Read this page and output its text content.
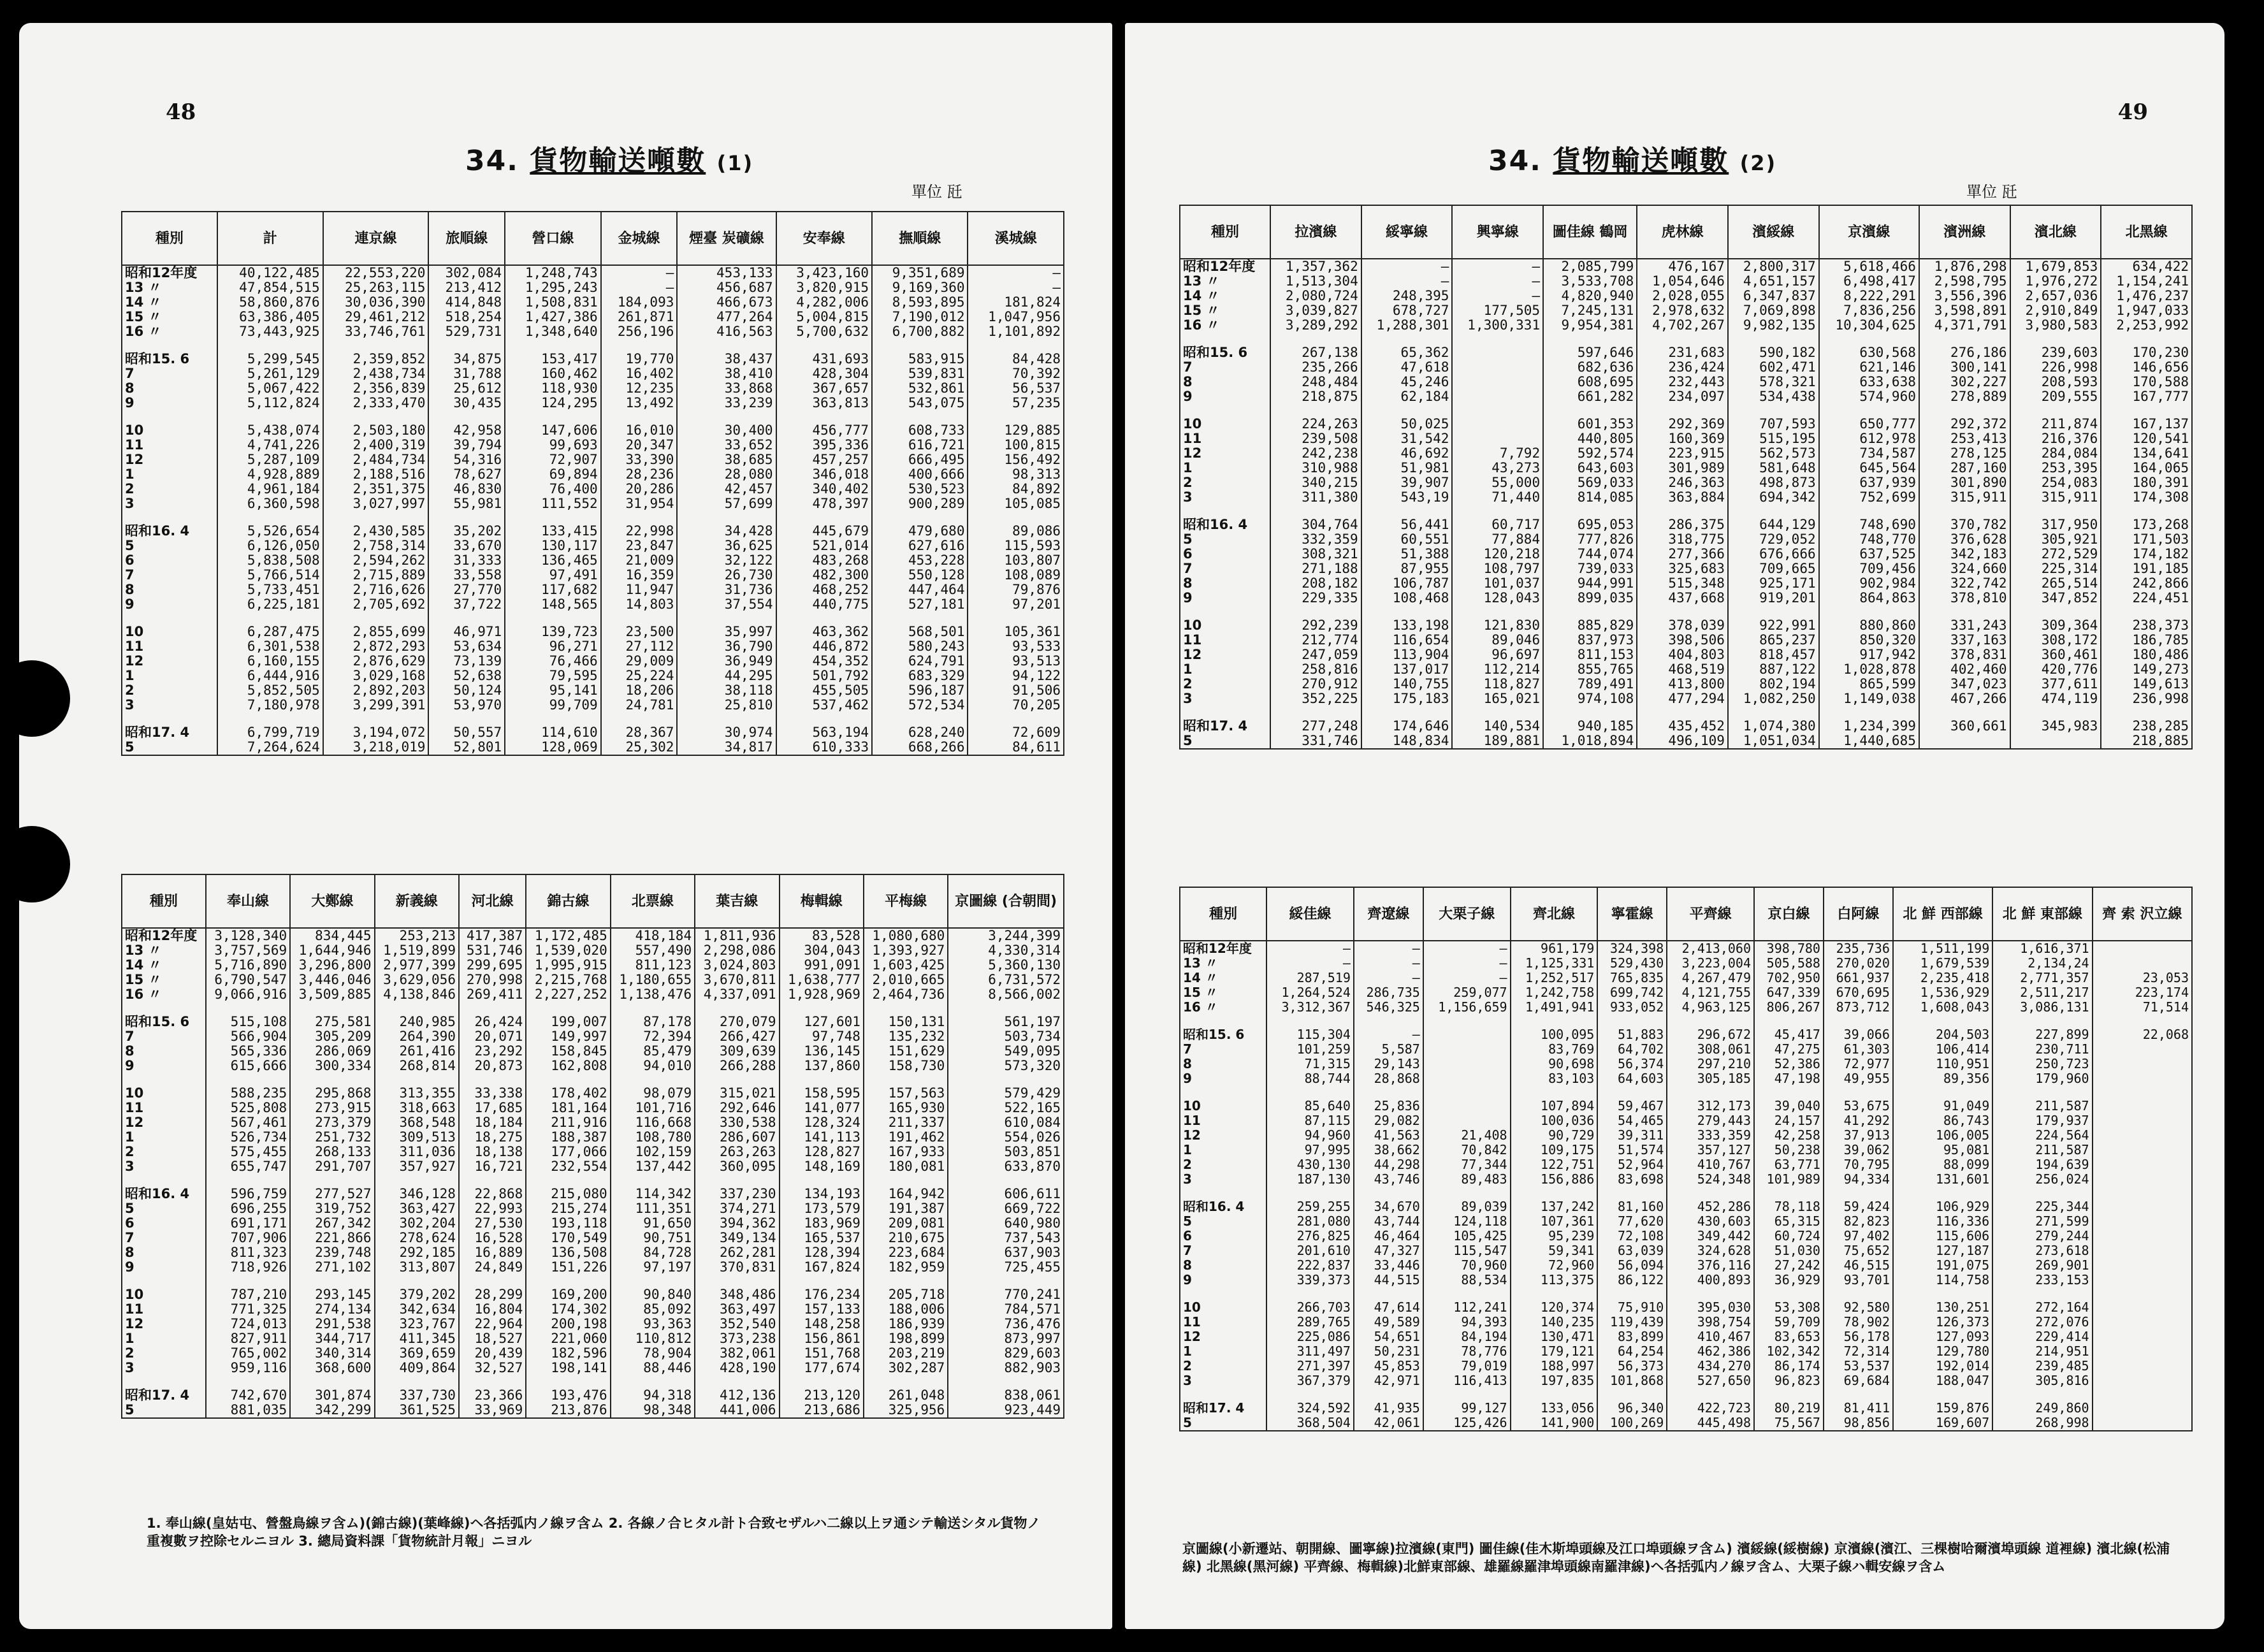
48
34. 貨物輸送噸數 (1)
單位 瓩
種別	計	連京線	旅順線	營口線	金城線	煙臺 炭礦線	安奉線	撫順線	溪城線
昭和12年度	40,122,485	22,553,220	302,084	1,248,743	—	453,133	3,423,160	9,351,689	—
13 〃	47,854,515	25,263,115	213,412	1,295,243	—	456,687	3,820,915	9,169,360	—
14 〃	58,860,876	30,036,390	414,848	1,508,831	184,093	466,673	4,282,006	8,593,895	181,824
15 〃	63,386,405	29,461,212	518,254	1,427,386	261,871	477,264	5,004,815	7,190,012	1,047,956
16 〃	73,443,925	33,746,761	529,731	1,348,640	256,196	416,563	5,700,632	6,700,882	1,101,892

昭和15. 6	5,299,545	2,359,852	34,875	153,417	19,770	38,437	431,693	583,915	84,428
7	5,261,129	2,438,734	31,788	160,462	16,402	38,410	428,304	539,831	70,392
8	5,067,422	2,356,839	25,612	118,930	12,235	33,868	367,657	532,861	56,537
9	5,112,824	2,333,470	30,435	124,295	13,492	33,239	363,813	543,075	57,235

10	5,438,074	2,503,180	42,958	147,606	16,010	30,400	456,777	608,733	129,885
11	4,741,226	2,400,319	39,794	99,693	20,347	33,652	395,336	616,721	100,815
12	5,287,109	2,484,734	54,316	72,907	33,390	38,685	457,257	666,495	156,492
1	4,928,889	2,188,516	78,627	69,894	28,236	28,080	346,018	400,666	98,313
2	4,961,184	2,351,375	46,830	76,400	20,286	42,457	340,402	530,523	84,892
3	6,360,598	3,027,997	55,981	111,552	31,954	57,699	478,397	900,289	105,085

昭和16. 4	5,526,654	2,430,585	35,202	133,415	22,998	34,428	445,679	479,680	89,086
5	6,126,050	2,758,314	33,670	130,117	23,847	36,625	521,014	627,616	115,593
6	5,838,508	2,594,262	31,333	136,465	21,009	32,122	483,268	453,228	103,807
7	5,766,514	2,715,889	33,558	97,491	16,359	26,730	482,300	550,128	108,089
8	5,733,451	2,716,626	27,770	117,682	11,947	31,736	468,252	447,464	79,876
9	6,225,181	2,705,692	37,722	148,565	14,803	37,554	440,775	527,181	97,201

10	6,287,475	2,855,699	46,971	139,723	23,500	35,997	463,362	568,501	105,361
11	6,301,538	2,872,293	53,634	96,271	27,112	36,790	446,872	580,243	93,533
12	6,160,155	2,876,629	73,139	76,466	29,009	36,949	454,352	624,791	93,513
1	6,444,916	3,029,168	52,638	79,595	25,224	44,295	501,792	683,329	94,122
2	5,852,505	2,892,203	50,124	95,141	18,206	38,118	455,505	596,187	91,506
3	7,180,978	3,299,391	53,970	99,709	24,781	25,810	537,462	572,534	70,205

昭和17. 4	6,799,719	3,194,072	50,557	114,610	28,367	30,974	563,194	628,240	72,609
5	7,264,624	3,218,019	52,801	128,069	25,302	34,817	610,333	668,266	84,611
種別	奉山線	大鄭線	新義線	河北線	錦古線	北票線	葉吉線	梅輯線	平梅線	京圖線 (合朝間)
昭和12年度	3,128,340	834,445	253,213	417,387	1,172,485	418,184	1,811,936	83,528	1,080,680	3,244,399
13 〃	3,757,569	1,644,946	1,519,899	531,746	1,539,020	557,490	2,298,086	304,043	1,393,927	4,330,314
14 〃	5,716,890	3,296,800	2,977,399	299,695	1,995,915	811,123	3,024,803	991,091	1,603,425	5,360,130
15 〃	6,790,547	3,446,046	3,629,056	270,998	2,215,768	1,180,655	3,670,811	1,638,777	2,010,665	6,731,572
16 〃	9,066,916	3,509,885	4,138,846	269,411	2,227,252	1,138,476	4,337,091	1,928,969	2,464,736	8,566,002

昭和15. 6	515,108	275,581	240,985	26,424	199,007	87,178	270,079	127,601	150,131	561,197
7	566,904	305,209	264,390	20,071	149,997	72,394	266,427	97,748	135,232	503,734
8	565,336	286,069	261,416	23,292	158,845	85,479	309,639	136,145	151,629	549,095
9	615,666	300,334	268,814	20,873	162,808	94,010	266,288	137,860	158,730	573,320

10	588,235	295,868	313,355	33,338	178,402	98,079	315,021	158,595	157,563	579,429
11	525,808	273,915	318,663	17,685	181,164	101,716	292,646	141,077	165,930	522,165
12	567,461	273,379	368,548	18,184	211,916	116,668	330,538	128,324	211,337	610,084
1	526,734	251,732	309,513	18,275	188,387	108,780	286,607	141,113	191,462	554,026
2	575,455	268,133	311,036	18,138	177,066	102,159	263,263	128,827	167,933	503,851
3	655,747	291,707	357,927	16,721	232,554	137,442	360,095	148,169	180,081	633,870

昭和16. 4	596,759	277,527	346,128	22,868	215,080	114,342	337,230	134,193	164,942	606,611
5	696,255	319,752	363,427	22,993	215,274	111,351	374,271	173,579	191,387	669,722
6	691,171	267,342	302,204	27,530	193,118	91,650	394,362	183,969	209,081	640,980
7	707,906	221,866	278,624	16,528	170,549	90,751	349,134	165,537	210,675	737,543
8	811,323	239,748	292,185	16,889	136,508	84,728	262,281	128,394	223,684	637,903
9	718,926	271,102	313,807	24,849	151,226	97,197	370,831	167,824	182,959	725,455

10	787,210	293,145	379,202	28,299	169,200	90,840	348,486	176,234	205,718	770,241
11	771,325	274,134	342,634	16,804	174,302	85,092	363,497	157,133	188,006	784,571
12	724,013	291,538	323,767	22,964	200,198	93,363	352,540	148,258	186,939	736,476
1	827,911	344,717	411,345	18,527	221,060	110,812	373,238	156,861	198,899	873,997
2	765,002	340,314	369,659	20,439	182,596	78,904	382,061	151,768	203,219	829,603
3	959,116	368,600	409,864	32,527	198,141	88,446	428,190	177,674	302,287	882,903

昭和17. 4	742,670	301,874	337,730	23,366	193,476	94,318	412,136	213,120	261,048	838,061
5	881,035	342,299	361,525	33,969	213,876	98,348	441,006	213,686	325,956	923,449
1. 奉山線(皇姑屯、營盤鳥線ヲ含ム)(錦古線)(葉峰線)ヘ各括弧内ノ線ヲ含ム 2. 各線ノ合ヒタル計ト合致セザルハ二線以上ヲ通シテ輸送シタル貨物ノ重複數ヲ控除セルニヨル 3. 總局資料課「貨物統計月報」ニヨル
49
34. 貨物輸送噸數 (2)
單位 瓩
種別	拉濱線	綏寧線	興寧線	圖佳線 鶴岡	虎林線	濱綏線	京濱線	濱洲線	濱北線	北黑線
昭和12年度	1,357,362	—	—	2,085,799	476,167	2,800,317	5,618,466	1,876,298	1,679,853	634,422
13 〃	1,513,304	—	—	3,533,708	1,054,646	4,651,157	6,498,417	2,598,795	1,976,272	1,154,241
14 〃	2,080,724	248,395	—	4,820,940	2,028,055	6,347,837	8,222,291	3,556,396	2,657,036	1,476,237
15 〃	3,039,827	678,727	177,505	7,245,131	2,978,632	7,069,898	7,836,256	3,598,891	2,910,849	1,947,033
16 〃	3,289,292	1,288,301	1,300,331	9,954,381	4,702,267	9,982,135	10,304,625	4,371,791	3,980,583	2,253,992

昭和15. 6	267,138	65,362		597,646	231,683	590,182	630,568	276,186	239,603	170,230
7	235,266	47,618		682,636	236,424	602,471	621,146	300,141	226,998	146,656
8	248,484	45,246		608,695	232,443	578,321	633,638	302,227	208,593	170,588
9	218,875	62,184		661,282	234,097	534,438	574,960	278,889	209,555	167,777

10	224,263	50,025		601,353	292,369	707,593	650,777	292,372	211,874	167,137
11	239,508	31,542		440,805	160,369	515,195	612,978	253,413	216,376	120,541
12	242,238	46,692	7,792	592,574	223,915	562,573	734,587	278,125	284,084	134,641
1	310,988	51,981	43,273	643,603	301,989	581,648	645,564	287,160	253,395	164,065
2	340,215	39,907	55,000	569,033	246,363	498,873	637,939	301,890	254,083	180,391
3	311,380	543,19	71,440	814,085	363,884	694,342	752,699	315,911	315,911	174,308

昭和16. 4	304,764	56,441	60,717	695,053	286,375	644,129	748,690	370,782	317,950	173,268
5	332,359	60,551	77,884	777,826	318,775	729,052	748,770	376,628	305,921	171,503
6	308,321	51,388	120,218	744,074	277,366	676,666	637,525	342,183	272,529	174,182
7	271,188	87,955	108,797	739,033	325,683	709,665	709,456	324,660	225,314	191,185
8	208,182	106,787	101,037	944,991	515,348	925,171	902,984	322,742	265,514	242,866
9	229,335	108,468	128,043	899,035	437,668	919,201	864,863	378,810	347,852	224,451

10	292,239	133,198	121,830	885,829	378,039	922,991	880,860	331,243	309,364	238,373
11	212,774	116,654	89,046	837,973	398,506	865,237	850,320	337,163	308,172	186,785
12	247,059	113,904	96,697	811,153	404,803	818,457	917,942	378,831	360,461	180,486
1	258,816	137,017	112,214	855,765	468,519	887,122	1,028,878	402,460	420,776	149,273
2	270,912	140,755	118,827	789,491	413,800	802,194	865,599	347,023	377,611	149,613
3	352,225	175,183	165,021	974,108	477,294	1,082,250	1,149,038	467,266	474,119	236,998

昭和17. 4	277,248	174,646	140,534	940,185	435,452	1,074,380	1,234,399	360,661	345,983	238,285
5	331,746	148,834	189,881	1,018,894	496,109	1,051,034	1,440,685			218,885
種別	綏佳線	齊遼線	大栗子線	齊北線	寧霍線	平齊線	京白線	白阿線	北 鮮 西部線	北 鮮 東部線	齊 索 沢立線
昭和12年度	—	—	—	961,179	324,398	2,413,060	398,780	235,736	1,511,199	1,616,371	
13 〃	—	—	—	1,125,331	529,430	3,223,004	505,588	270,020	1,679,539	2,134,24	
14 〃	287,519	—	—	1,252,517	765,835	4,267,479	702,950	661,937	2,235,418	2,771,357	23,053
15 〃	1,264,524	286,735	259,077	1,242,758	699,742	4,121,755	647,339	670,695	1,536,929	2,511,217	223,174
16 〃	3,312,367	546,325	1,156,659	1,491,941	933,052	4,963,125	806,267	873,712	1,608,043	3,086,131	71,514

昭和15. 6	115,304	—		100,095	51,883	296,672	45,417	39,066	204,503	227,899	22,068
7	101,259	5,587		83,769	64,702	308,061	47,275	61,303	106,414	230,711	
8	71,315	29,143		90,698	56,374	297,210	52,386	72,977	110,951	250,723	
9	88,744	28,868		83,103	64,603	305,185	47,198	49,955	89,356	179,960	

10	85,640	25,836		107,894	59,467	312,173	39,040	53,675	91,049	211,587	
11	87,115	29,082		100,036	54,465	279,443	24,157	41,292	86,743	179,937	
12	94,960	41,563	21,408	90,729	39,311	333,359	42,258	37,913	106,005	224,564	
1	97,995	38,662	70,842	109,175	51,574	357,127	50,238	39,062	95,081	211,587	
2	430,130	44,298	77,344	122,751	52,964	410,767	63,771	70,795	88,099	194,639	
3	187,130	43,746	89,483	156,886	83,698	524,348	101,989	94,334	131,601	256,024	

昭和16. 4	259,255	34,670	89,039	137,242	81,160	452,286	78,118	59,424	106,929	225,344	
5	281,080	43,744	124,118	107,361	77,620	430,603	65,315	82,823	116,336	271,599	
6	276,825	46,464	105,425	95,239	72,108	349,442	60,724	97,402	115,606	279,244	
7	201,610	47,327	115,547	59,341	63,039	324,628	51,030	75,652	127,187	273,618	
8	222,837	33,446	70,960	72,960	56,094	376,116	27,242	46,515	191,075	269,901	
9	339,373	44,515	88,534	113,375	86,122	400,893	36,929	93,701	114,758	233,153	

10	266,703	47,614	112,241	120,374	75,910	395,030	53,308	92,580	130,251	272,164	
11	289,765	49,589	94,393	140,235	119,439	398,754	59,709	78,902	126,373	272,076	
12	225,086	54,651	84,194	130,471	83,899	410,467	83,653	56,178	127,093	229,414	
1	311,497	50,231	78,776	179,121	64,254	462,386	102,342	72,314	129,780	214,951	
2	271,397	45,853	79,019	188,997	56,373	434,270	86,174	53,537	192,014	239,485	
3	367,379	42,971	116,413	197,835	101,868	527,650	96,823	69,684	188,047	305,816	

昭和17. 4	324,592	41,935	99,127	133,056	96,340	422,723	80,219	81,411	159,876	249,860	
5	368,504	42,061	125,426	141,900	100,269	445,498	75,567	98,856	169,607	268,998	
京圖線(小新遷站、朝開線、圖寧線)拉濱線(東門) 圖佳線(佳木斯埠頭線及江口埠頭線ヲ含ム) 濱綏線(綏樹線) 京濱線(濱江、三棵樹哈爾濱埠頭線 道裡線) 濱北線(松浦線) 北黑線(黑河線) 平齊線、梅輯線)北鮮東部線、雄羅線羅津埠頭線南羅津線)ヘ各括弧内ノ線ヲ含ム、大栗子線ハ輯安線ヲ含ム
